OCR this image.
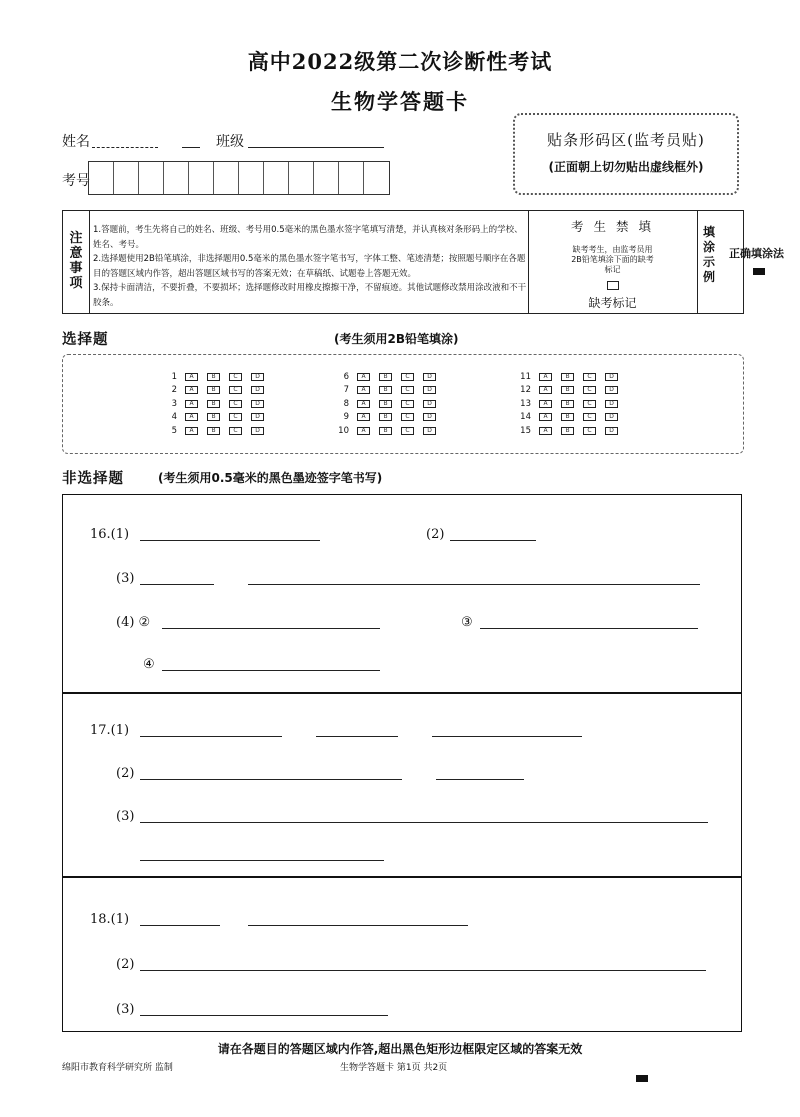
高中2022级第二次诊断性考试
生物学答题卡
姓名	班级
考号
贴条形码区(监考员贴)
(正面朝上切勿贴出虚线框外)
注
意
事
项

1.答题前，考生先将自己的姓名、班级、考号用0.5毫米的黑色墨水签字笔填写清楚，并认真核对条形码上的学校、姓名、考号。

2.选择题使用2B铅笔填涂，非选择题用0.5毫米的黑色墨水签字笔书写，字体工整、笔迹清楚；按照题号顺序在各题目的答题区域内作答，超出答题区域书写的答案无效；在草稿纸、试题卷上答题无效。

3.保持卡面清洁，不要折叠，不要损坏；选择题修改时用橡皮擦擦干净，不留痕迹。其他试题修改禁用涂改液和不干胶条。

考 生 禁 填
缺考考生，由监考员用2B铅笔填涂下面的缺考标记
缺考标记
填
涂
示
例
正确填涂法
选择题	(考生须用2B铅笔填涂)
1	A	B	C	D
2	A	B	C	D
3	A	B	C	D
4	A	B	C	D
5	A	B	C	D
6	A	B	C	D
7	A	B	C	D
8	A	B	C	D
9	A	B	C	D
10	A	B	C	D
11	A	B	C	D
12	A	B	C	D
13	A	B	C	D
14	A	B	C	D
15	A	B	C	D
非选择题	(考生须用0.5毫米的黑色墨迹签字笔书写)
16.(1)	(2)
(3)
(4) ②	③
④
17.(1)
(2)
(3)
18.(1)
(2)
(3)
请在各题目的答题区域内作答,超出黑色矩形边框限定区域的答案无效
绵阳市教育科学研究所 监制	生物学答题卡 第1页 共2页
